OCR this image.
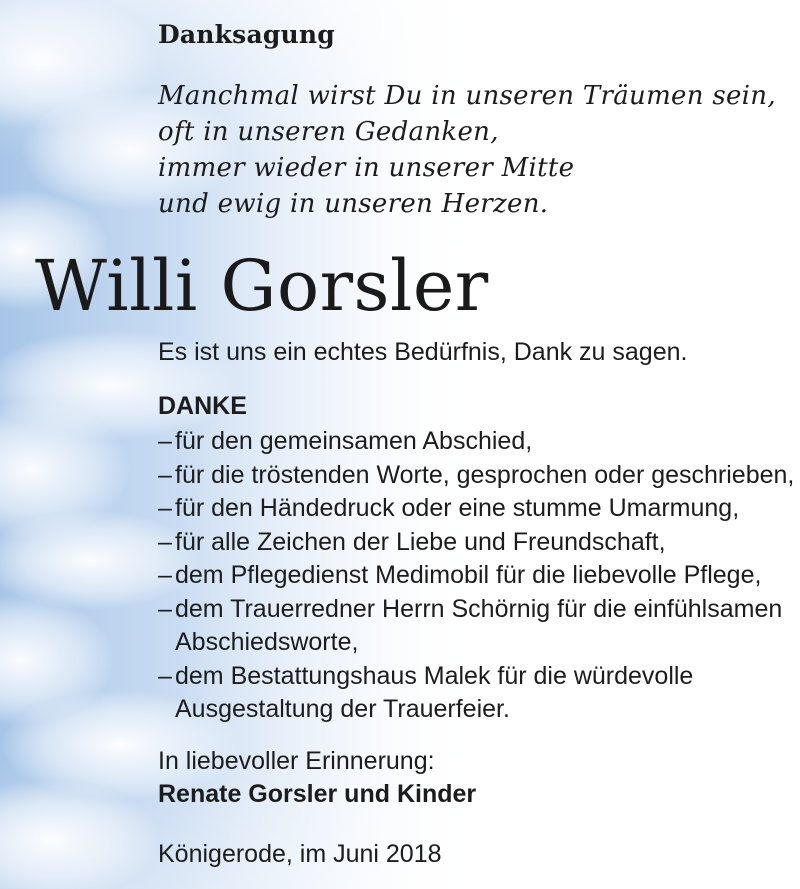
Danksagung
Manchmal wirst Du in unseren Träumen sein,
oft in unseren Gedanken,
immer wieder in unserer Mitte
und ewig in unseren Herzen.
Willi Gorsler
Es ist uns ein echtes Bedürfnis, Dank zu sagen.
DANKE
– für den gemeinsamen Abschied,
– für die tröstenden Worte, gesprochen oder geschrieben,
– für den Händedruck oder eine stumme Umarmung,
– für alle Zeichen der Liebe und Freundschaft,
– dem Pflegedienst Medimobil für die liebevolle Pflege,
– dem Trauerredner Herrn Schörnig für die einfühlsamen
Abschiedsworte,
– dem Bestattungshaus Malek für die würdevolle
Ausgestaltung der Trauerfeier.
In liebevoller Erinnerung:
Renate Gorsler und Kinder
Königerode, im Juni 2018
